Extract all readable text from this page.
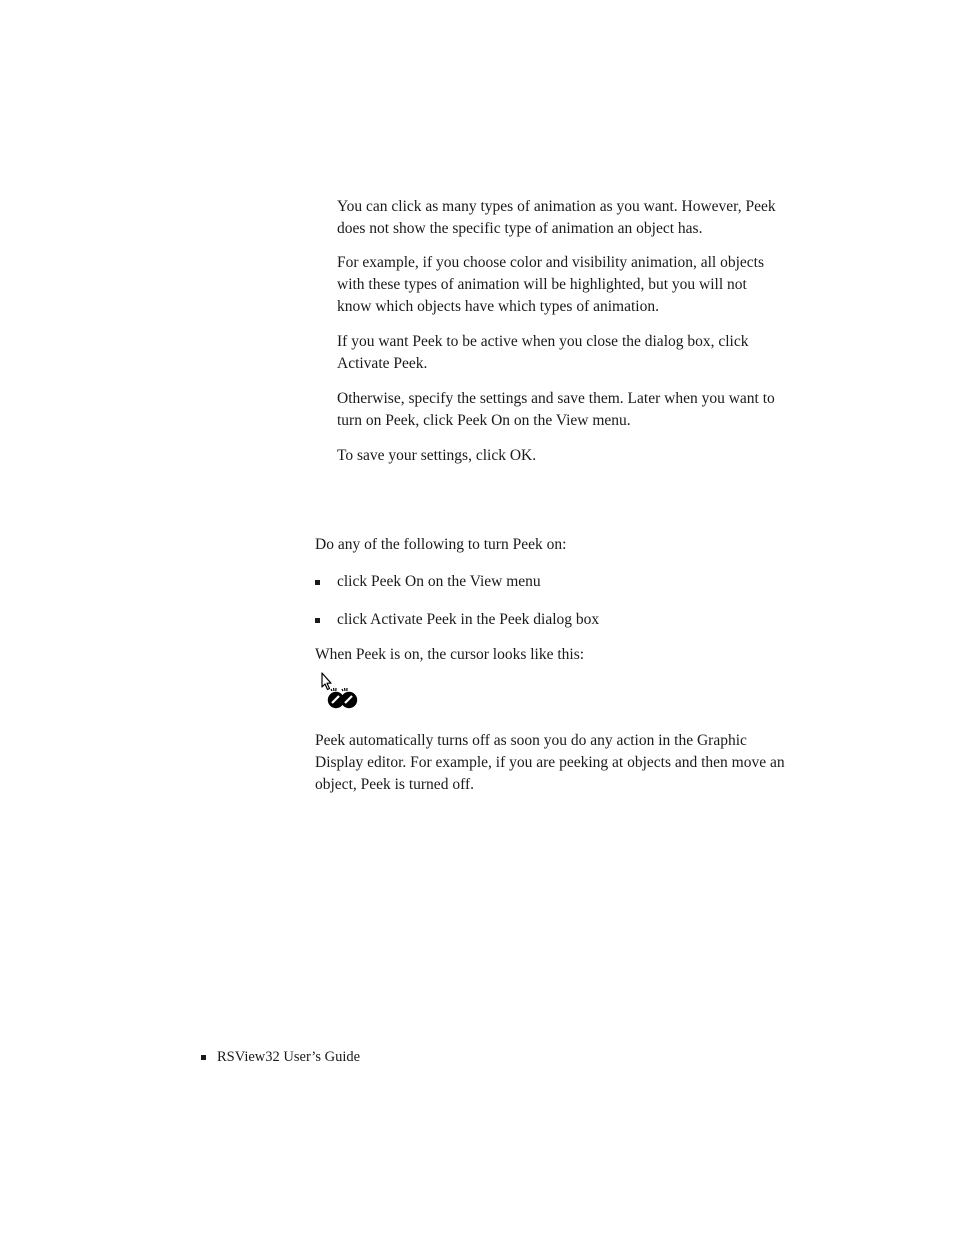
You can click as many types of animation as you want. However, Peek does not show the specific type of animation an object has.

For example, if you choose color and visibility animation, all objects with these types of animation will be highlighted, but you will not know which objects have which types of animation.

If you want Peek to be active when you close the dialog box, click Activate Peek.

Otherwise, specify the settings and save them. Later when you want to turn on Peek, click Peek On on the View menu.

To save your settings, click OK.

Do any of the following to turn Peek on:

click Peek On on the View menu
click Activate Peek in the Peek dialog box

When Peek is on, the cursor looks like this:

Peek automatically turns off as soon you do any action in the Graphic Display editor. For example, if you are peeking at objects and then move an object, Peek is turned off.

RSView32 User’s Guide
